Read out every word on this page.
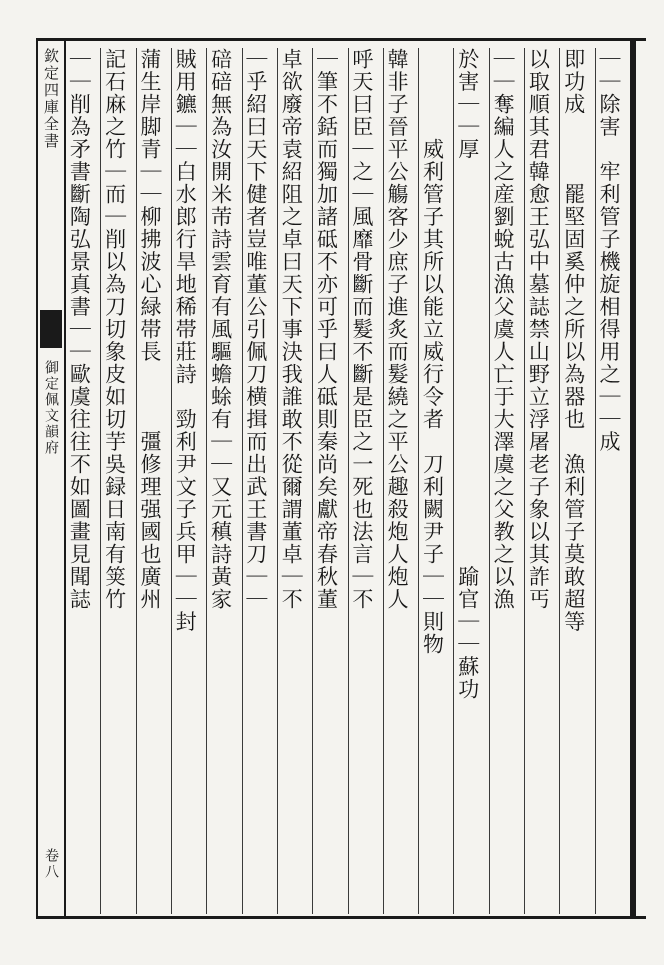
欽定四庫全書
御定佩文韻府
卷八
｜｜除害　牢利管子機旋相得用之｜｜成
即功成　　　罷堅固奚仲之所以為器也　漁利管子莫敢超等
以取順其君韓愈王弘中墓誌禁山野立浮屠老子象以其詐丐
｜｜奪編人之産劉蛻古漁父虞人亡于大澤虞之父教之以漁
於害｜｜厚　　　　　　　　　　　　　　　　　　踰官｜｜蘇功
　　　　威利管子其所以能立威行令者　刀利闕尹子｜｜則物
韓非子晉平公觴客少庶子進炙而髮繞之平公趣殺炮人炮人
呼天曰臣｜之｜風靡骨斷而髮不斷是臣之一死也法言｜不
｜筆不銛而獨加諸砥不亦可乎曰人砥則秦尚矣獻帝春秋董
卓欲廢帝袁紹阻之卓曰天下事決我誰敢不從爾謂董卓｜不
｜乎紹曰天下健者豈唯董公引佩刀横揖而出武王書刀｜｜
碚碚無為汝開米芾詩雲育有風驅蟾蜍有｜｜又元稹詩黃家
賊用鑣｜｜白水郎行旱地稀帯莊詩　勁利尹文子兵甲｜｜封
蒲生岸脚青｜｜柳拂波心緑帯長　　　彊修理强國也廣州
記石麻之竹｜而｜削以為刀切象皮如切芋吳録日南有䇲竹
｜｜削為矛書斷陶弘景真書｜｜歐虞往往不如圖畫見聞誌
